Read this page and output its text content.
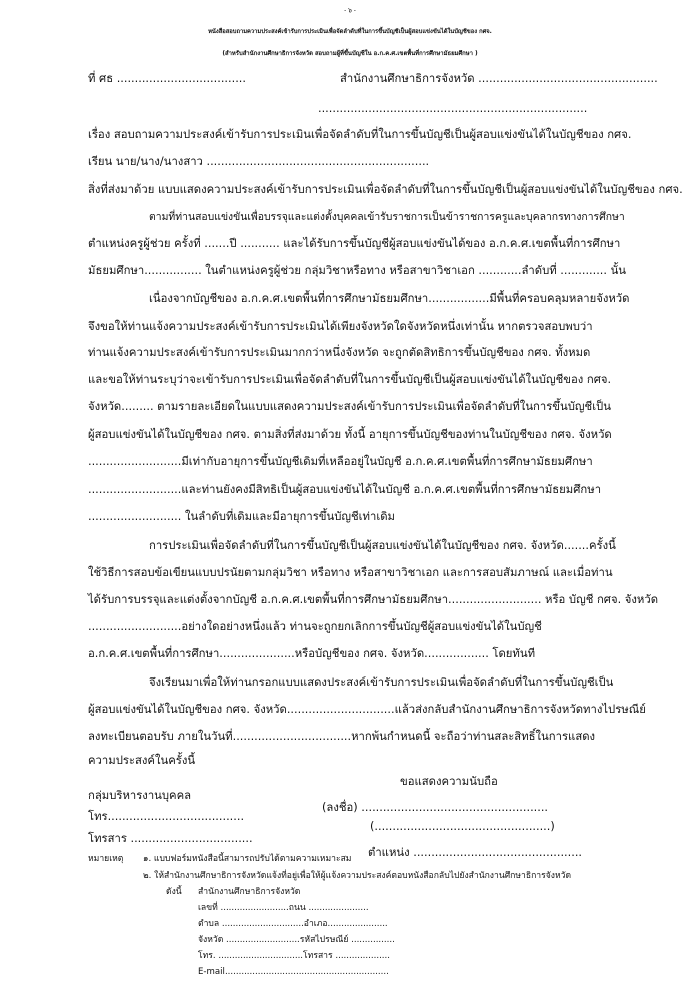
- ๖ -
หนังสือสอบถามความประสงค์เข้ารับการประเมินเพื่อจัดลำดับที่ในการขึ้นบัญชีเป็นผู้สอบแข่งขันได้ในบัญชีของ กศจ.
(สำหรับสำนักงานศึกษาธิการจังหวัด สอบถามผู้ที่ขึ้นบัญชีใน อ.ก.ค.ศ.เขตพื้นที่การศึกษามัธยมศึกษา )
ที่ ศธ ....................................	สำนักงานศึกษาธิการจังหวัด ..................................................
...........................................................................
เรื่อง สอบถามความประสงค์เข้ารับการประเมินเพื่อจัดลำดับที่ในการขึ้นบัญชีเป็นผู้สอบแข่งขันได้ในบัญชีของ กศจ.
เรียน นาย/นาง/นางสาว ..............................................................
สิ่งที่ส่งมาด้วย แบบแสดงความประสงค์เข้ารับการประเมินเพื่อจัดลำดับที่ในการขึ้นบัญชีเป็นผู้สอบแข่งขันได้ในบัญชีของ กศจ.
ตามที่ท่านสอบแข่งขันเพื่อบรรจุและแต่งตั้งบุคคลเข้ารับราชการเป็นข้าราชการครูและบุคลากรทางการศึกษา
ตำแหน่งครูผู้ช่วย ครั้งที่ .......ปี ........... และได้รับการขึ้นบัญชีผู้สอบแข่งขันได้ของ อ.ก.ค.ศ.เขตพื้นที่การศึกษา
มัธยมศึกษา................ ในตำแหน่งครูผู้ช่วย กลุ่มวิชาหรือทาง หรือสาขาวิชาเอก ............ลำดับที่ ............. นั้น
เนื่องจากบัญชีของ อ.ก.ค.ศ.เขตพื้นที่การศึกษามัธยมศึกษา.................มีพื้นที่ครอบคลุมหลายจังหวัด
จึงขอให้ท่านแจ้งความประสงค์เข้ารับการประเมินได้เพียงจังหวัดใดจังหวัดหนึ่งเท่านั้น หากตรวจสอบพบว่า
ท่านแจ้งความประสงค์เข้ารับการประเมินมากกว่าหนึ่งจังหวัด จะถูกตัดสิทธิการขึ้นบัญชีของ กศจ. ทั้งหมด
และขอให้ท่านระบุว่าจะเข้ารับการประเมินเพื่อจัดลำดับที่ในการขึ้นบัญชีเป็นผู้สอบแข่งขันได้ในบัญชีของ กศจ.
จังหวัด......... ตามรายละเอียดในแบบแสดงความประสงค์เข้ารับการประเมินเพื่อจัดลำดับที่ในการขึ้นบัญชีเป็น
ผู้สอบแข่งขันได้ในบัญชีของ กศจ. ตามสิ่งที่ส่งมาด้วย ทั้งนี้ อายุการขึ้นบัญชีของท่านในบัญชีของ กศจ. จังหวัด
..........................มีเท่ากับอายุการขึ้นบัญชีเดิมที่เหลืออยู่ในบัญชี อ.ก.ค.ศ.เขตพื้นที่การศึกษามัธยมศึกษา
..........................และท่านยังคงมีสิทธิเป็นผู้สอบแข่งขันได้ในบัญชี อ.ก.ค.ศ.เขตพื้นที่การศึกษามัธยมศึกษา
.......................... ในลำดับที่เดิมและมีอายุการขึ้นบัญชีเท่าเดิม
การประเมินเพื่อจัดลำดับที่ในการขึ้นบัญชีเป็นผู้สอบแข่งขันได้ในบัญชีของ กศจ. จังหวัด.......ครั้งนี้
ใช้วิธีการสอบข้อเขียนแบบปรนัยตามกลุ่มวิชา หรือทาง หรือสาขาวิชาเอก และการสอบสัมภาษณ์ และเมื่อท่าน
ได้รับการบรรจุและแต่งตั้งจากบัญชี อ.ก.ค.ศ.เขตพื้นที่การศึกษามัธยมศึกษา.......................... หรือ บัญชี กศจ. จังหวัด
..........................อย่างใดอย่างหนึ่งแล้ว ท่านจะถูกยกเลิกการขึ้นบัญชีผู้สอบแข่งขันได้ในบัญชี
อ.ก.ค.ศ.เขตพื้นที่การศึกษา.....................หรือบัญชีของ กศจ. จังหวัด.................. โดยทันที
จึงเรียนมาเพื่อให้ท่านกรอกแบบแสดงประสงค์เข้ารับการประเมินเพื่อจัดลำดับที่ในการขึ้นบัญชีเป็น
ผู้สอบแข่งขันได้ในบัญชีของ กศจ. จังหวัด..............................แล้วส่งกลับสำนักงานศึกษาธิการจังหวัดทางไปรษณีย์
ลงทะเบียนตอบรับ ภายในวันที่.................................หากพ้นกำหนดนี้ จะถือว่าท่านสละสิทธิ์ในการแสดง
ความประสงค์ในครั้งนี้
ขอแสดงความนับถือ
(ลงชื่อ) ....................................................
(.................................................)
ตำแหน่ง ...............................................
กลุ่มบริหารงานบุคคล
โทร......................................
โทรสาร ..................................
หมายเหตุ ๑. แบบฟอร์มหนังสือนี้สามารถปรับได้ตามความเหมาะสม
๒. ให้สำนักงานศึกษาธิการจังหวัดแจ้งที่อยู่เพื่อให้ผู้แจ้งความประสงค์ตอบหนังสือกลับไปยังสำนักงานศึกษาธิการจังหวัด
ดังนี้ สำนักงานศึกษาธิการจังหวัด
เลขที่ .........................ถนน ......................
ตำบล ..............................อำเภอ......................
จังหวัด ...........................รหัสไปรษณีย์ ................
โทร. ...............................โทรสาร ....................
E-mail............................................................
